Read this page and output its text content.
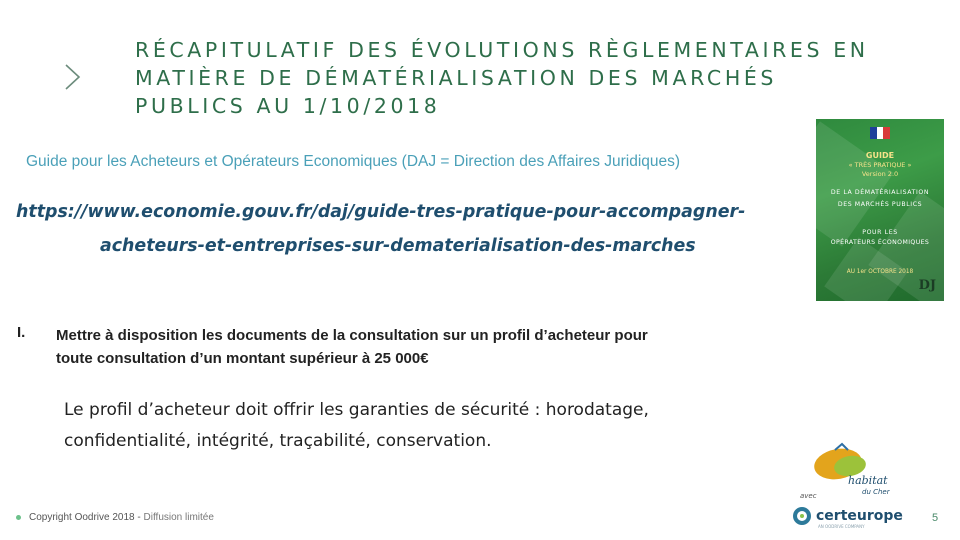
RÉCAPITULATIF DES ÉVOLUTIONS RÈGLEMENTAIRES EN
MATIÈRE DE DÉMATÉRIALISATION DES MARCHÉS
PUBLICS AU 1/10/2018
Guide pour les Acheteurs et Opérateurs Economiques (DAJ = Direction des Affaires Juridiques)
https://www.economie.gouv.fr/daj/guide-tres-pratique-pour-accompagner-
acheteurs-et-entreprises-sur-dematerialisation-des-marches
GUIDE
« TRÈS PRATIQUE »
Version 2.0
DE LA DÉMATÉRIALISATION
DES MARCHÉS PUBLICS
POUR LES
OPÉRATEURS ÉCONOMIQUES
AU 1er OCTOBRE 2018
DJ
I. Mettre à disposition les documents de la consultation sur un profil d’acheteur pour
toute consultation d’un montant supérieur à 25 000€
Le profil d’acheteur doit offrir les garanties de sécurité : horodatage,
confidentialité, intégrité, traçabilité, conservation.
habitat
du Cher
avec
certeurope
AN OODRIVE COMPANY
Copyright Oodrive 2018 - Diffusion limitée	5
